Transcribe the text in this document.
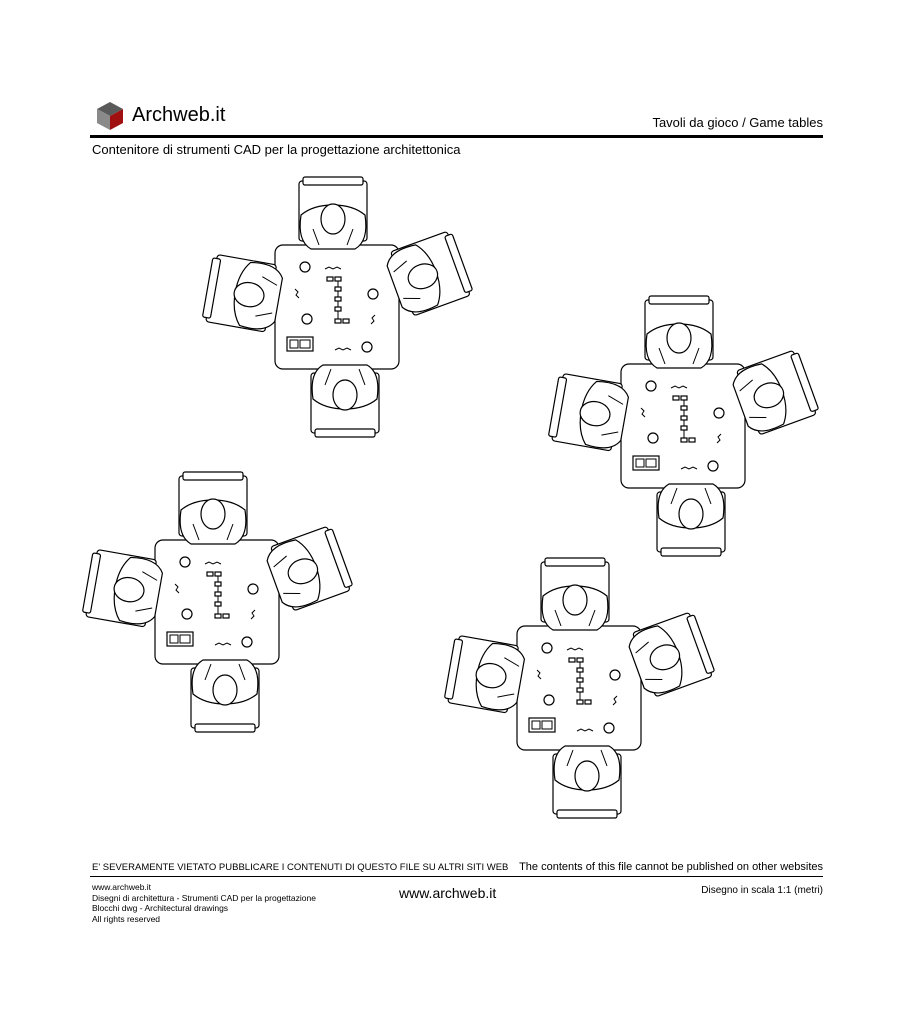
Archweb.it	Tavoli da gioco / Game tables
Contenitore di strumenti CAD per la progettazione architettonica
E' SEVERAMENTE VIETATO PUBBLICARE I CONTENUTI DI QUESTO FILE SU ALTRI SITI WEB The contents of this file cannot be published on other websites
www.archweb.it
Disegni di architettura - Strumenti CAD per la progettazione
Blocchi dwg - Architectural drawings
All rights reserved
www.archweb.it	Disegno in scala 1:1 (metri)
